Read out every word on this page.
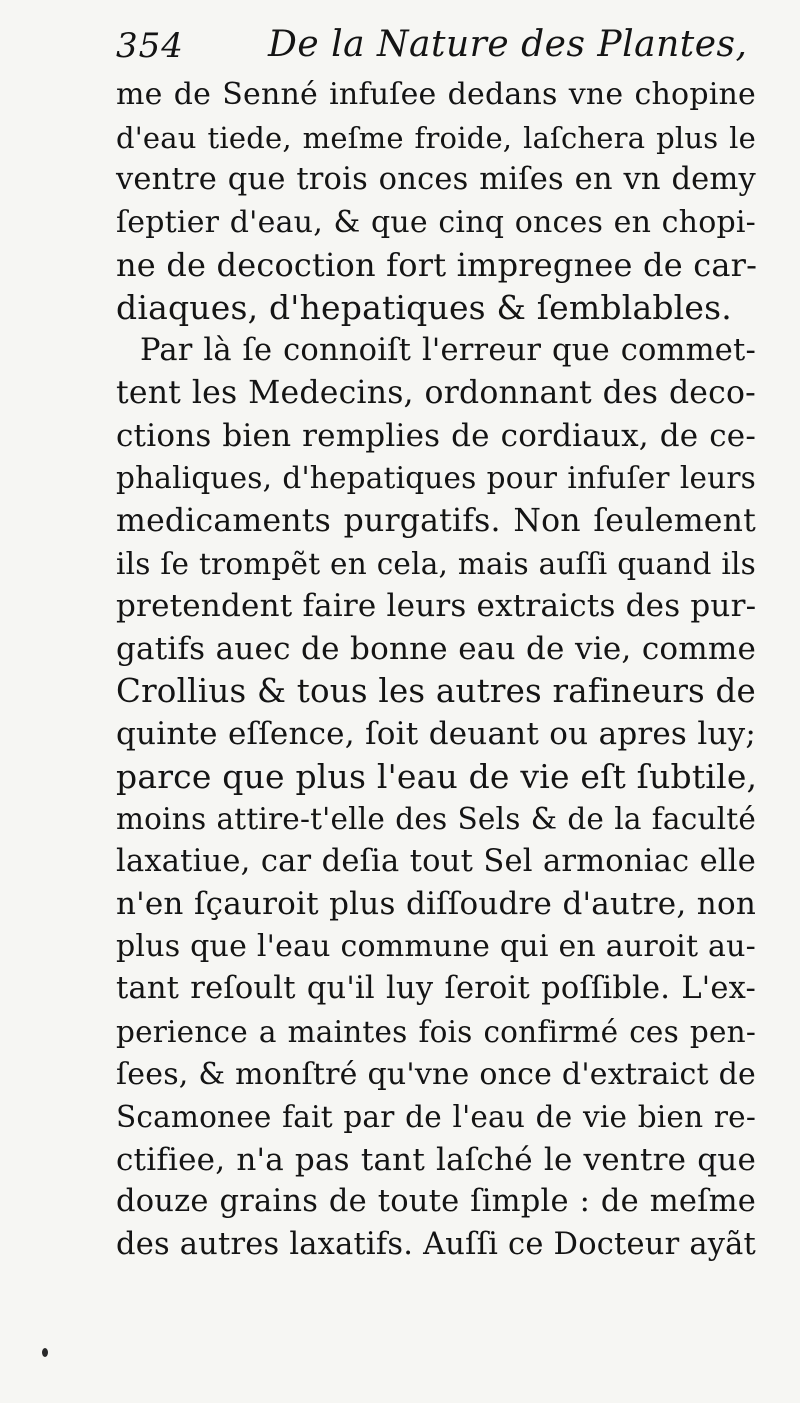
354 De la Nature des Plantes,
me de Senné infuſee dedans vne chopine
d'eau tiede, meſme froide, laſchera plus le
ventre que trois onces miſes en vn demy
ſeptier d'eau, & que cinq onces en chopi-
ne de decoction fort impregnee de car-
diaques, d'hepatiques & ſemblables.
Par là ſe connoiſt l'erreur que commet-
tent les Medecins, ordonnant des deco-
ctions bien remplies de cordiaux, de ce-
phaliques, d'hepatiques pour infuſer leurs
medicaments purgatifs. Non ſeulement
ils ſe trompẽt en cela, mais auſſi quand ils
pretendent faire leurs extraicts des pur-
gatifs auec de bonne eau de vie, comme
Crollius & tous les autres rafineurs de
quinte eſſence, ſoit deuant ou apres luy;
parce que plus l'eau de vie eſt ſubtile,
moins attire-t'elle des Sels & de la faculté
laxatiue, car deſia tout Sel armoniac elle
n'en ſçauroit plus diſſoudre d'autre, non
plus que l'eau commune qui en auroit au-
tant reſoult qu'il luy ſeroit poſſible. L'ex-
perience a maintes fois confirmé ces pen-
ſees, & monſtré qu'vne once d'extraict de
Scamonee fait par de l'eau de vie bien re-
ctifiee, n'a pas tant laſché le ventre que
douze grains de toute ſimple : de meſme
des autres laxatifs. Auſſi ce Docteur ayãt
